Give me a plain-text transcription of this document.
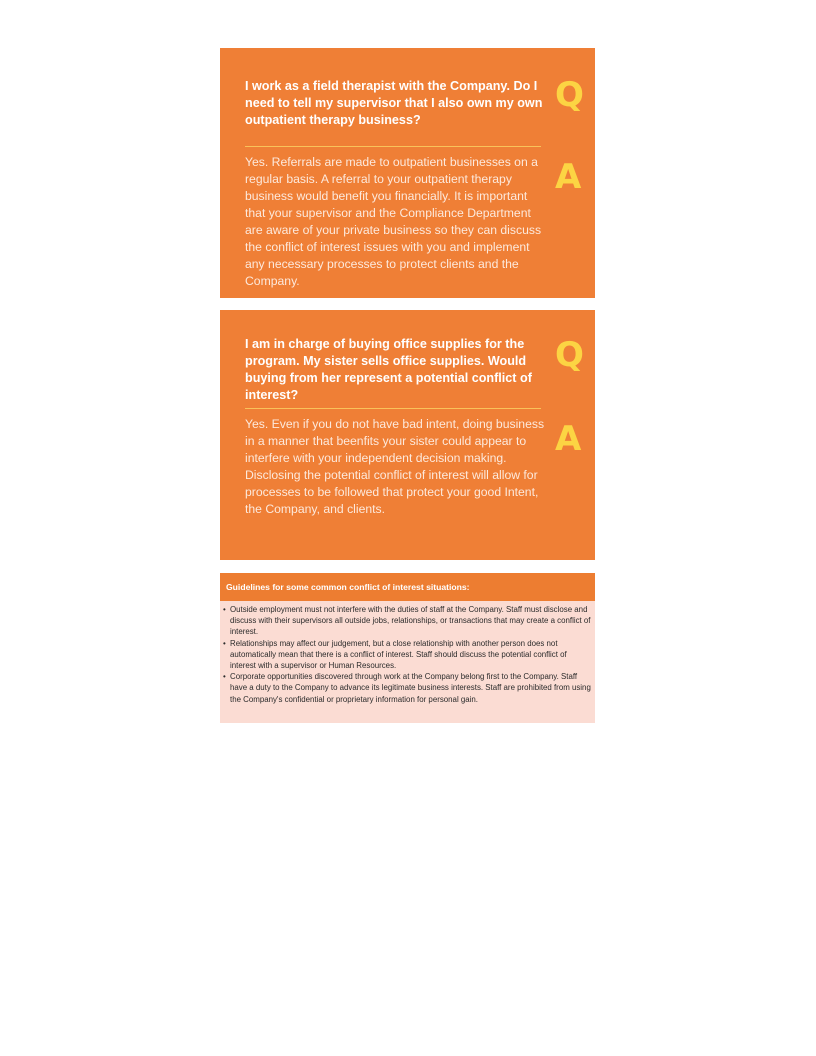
I work as a field therapist with the Company. Do I need to tell my supervisor that I also own my own outpatient therapy business?
Q
Yes. Referrals are made to outpatient businesses on a regular basis. A referral to your outpatient therapy business would benefit you financially. It is important that your supervisor and the Compliance Department are aware of your private business so they can discuss the conflict of interest issues with you and implement any necessary processes to protect clients and the Company.
A
I am in charge of buying office supplies for the program. My sister sells office supplies. Would buying from her represent a potential conflict of interest?
Q
Yes. Even if you do not have bad intent, doing business in a manner that beenfits your sister could appear to interfere with your independent decision making. Disclosing the potential conflict of interest will allow for processes to be followed that protect your good Intent, the Company, and clients.
A
Guidelines for some common conflict of interest situations:
• Outside employment must not interfere with the duties of staff at the Company. Staff must disclose and discuss with their supervisors all outside jobs, relationships, or transactions that may create a conflict of interest.
• Relationships may affect our judgement, but a close relationship with another person does not automatically mean that there is a conflict of interest. Staff should discuss the potential conflict of interest with a supervisor or Human Resources.
• Corporate opportunities discovered through work at the Company belong first to the Company. Staff have a duty to the Company to advance its legitimate business interests. Staff are prohibited from using the Company's confidential or proprietary information for personal gain.
